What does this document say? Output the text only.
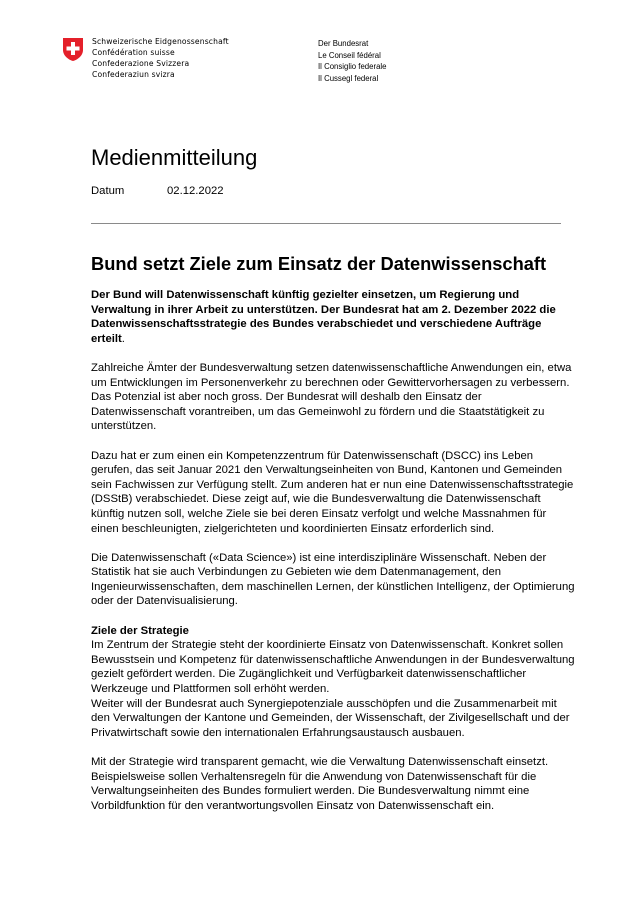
Schweizerische Eidgenossenschaft
Confédération suisse
Confederazione Svizzera
Confederaziun svizra
Der Bundesrat
Le Conseil fédéral
Il Consiglio federale
Il Cussegl federal
Medienmitteilung
Datum	02.12.2022
Bund setzt Ziele zum Einsatz der Datenwissenschaft

Der Bund will Datenwissenschaft künftig gezielter einsetzen, um Regierung und Verwaltung in ihrer Arbeit zu unterstützen. Der Bundesrat hat am 2. Dezember 2022 die Datenwissenschaftsstrategie des Bundes verabschiedet und verschiedene Aufträge erteilt.

Zahlreiche Ämter der Bundesverwaltung setzen datenwissenschaftliche Anwendungen ein, etwa um Entwicklungen im Personenverkehr zu berechnen oder Gewittervorhersagen zu verbessern. Das Potenzial ist aber noch gross. Der Bundesrat will deshalb den Einsatz der Datenwissenschaft vorantreiben, um das Gemeinwohl zu fördern und die Staatstätigkeit zu unterstützen.

Dazu hat er zum einen ein Kompetenzzentrum für Datenwissenschaft (DSCC) ins Leben gerufen, das seit Januar 2021 den Verwaltungseinheiten von Bund, Kantonen und Gemeinden sein Fachwissen zur Verfügung stellt. Zum anderen hat er nun eine Datenwissenschaftsstrategie (DSStB) verabschiedet. Diese zeigt auf, wie die Bundesverwaltung die Datenwissenschaft künftig nutzen soll, welche Ziele sie bei deren Einsatz verfolgt und welche Massnahmen für einen beschleunigten, zielgerichteten und koordinierten Einsatz erforderlich sind.

Die Datenwissenschaft («Data Science») ist eine interdisziplinäre Wissenschaft. Neben der Statistik hat sie auch Verbindungen zu Gebieten wie dem Datenmanagement, den Ingenieurwissenschaften, dem maschinellen Lernen, der künstlichen Intelligenz, der Optimierung oder der Datenvisualisierung.

Ziele der Strategie
Im Zentrum der Strategie steht der koordinierte Einsatz von Datenwissenschaft. Konkret sollen Bewusstsein und Kompetenz für datenwissenschaftliche Anwendungen in der Bundesverwaltung gezielt gefördert werden. Die Zugänglichkeit und Verfügbarkeit datenwissenschaftlicher Werkzeuge und Plattformen soll erhöht werden.
Weiter will der Bundesrat auch Synergiepotenziale ausschöpfen und die Zusammenarbeit mit den Verwaltungen der Kantone und Gemeinden, der Wissenschaft, der Zivilgesellschaft und der Privatwirtschaft sowie den internationalen Erfahrungsaustausch ausbauen.

Mit der Strategie wird transparent gemacht, wie die Verwaltung Datenwissenschaft einsetzt. Beispielsweise sollen Verhaltensregeln für die Anwendung von Datenwissenschaft für die Verwaltungseinheiten des Bundes formuliert werden. Die Bundesverwaltung nimmt eine Vorbildfunktion für den verantwortungsvollen Einsatz von Datenwissenschaft ein.
